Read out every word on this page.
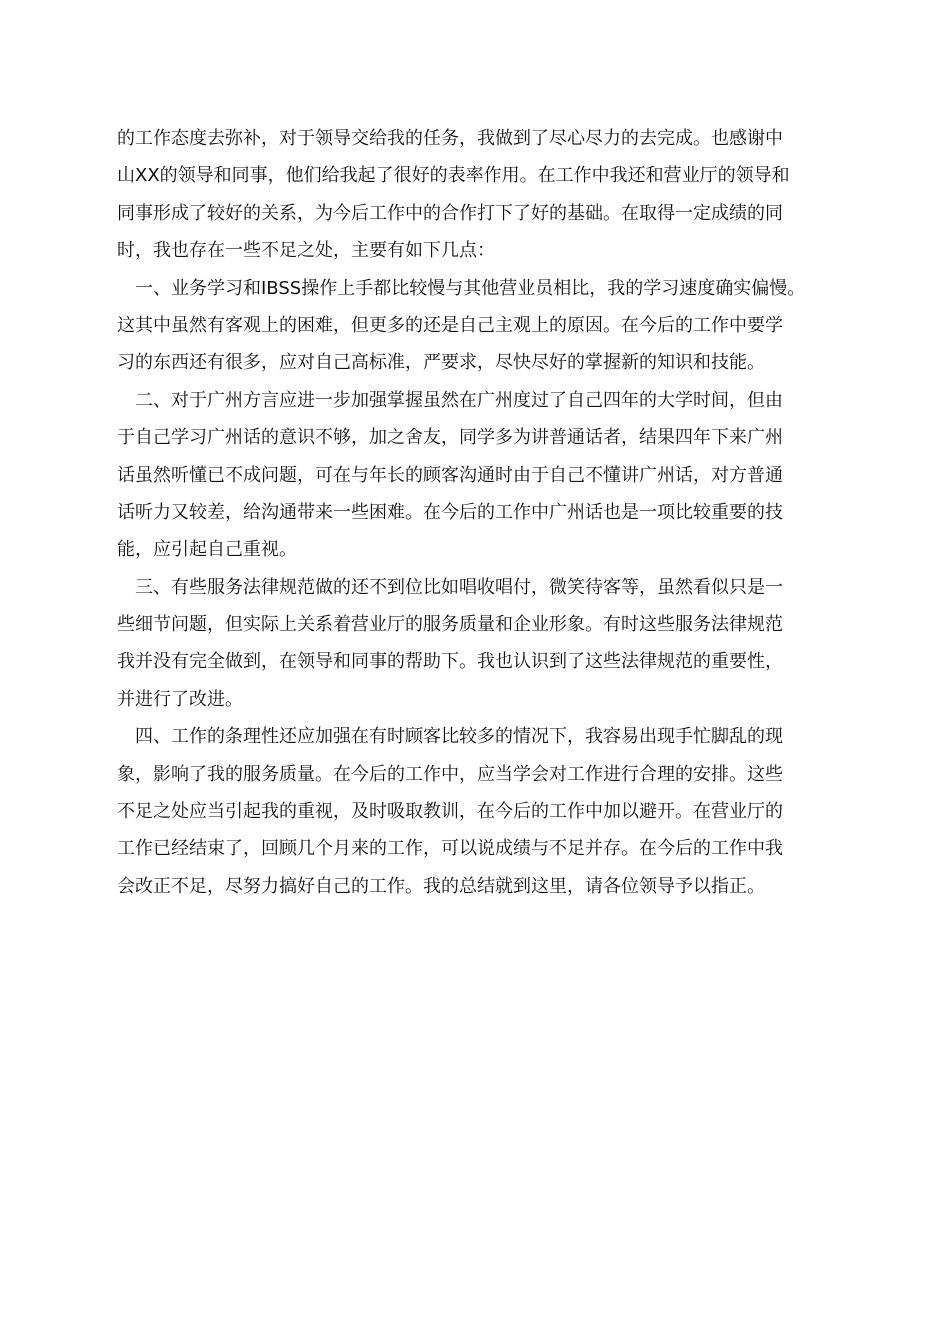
的工作态度去弥补，对于领导交给我的任务，我做到了尽心尽力的去完成。也感谢中
山XX的领导和同事，他们给我起了很好的表率作用。在工作中我还和营业厅的领导和
同事形成了较好的关系，为今后工作中的合作打下了好的基础。在取得一定成绩的同
时，我也存在一些不足之处，主要有如下几点：
一、业务学习和IBSS操作上手都比较慢与其他营业员相比，我的学习速度确实偏慢。
这其中虽然有客观上的困难，但更多的还是自己主观上的原因。在今后的工作中要学
习的东西还有很多，应对自己高标准，严要求，尽快尽好的掌握新的知识和技能。
二、对于广州方言应进一步加强掌握虽然在广州度过了自己四年的大学时间，但由
于自己学习广州话的意识不够，加之舍友，同学多为讲普通话者，结果四年下来广州
话虽然听懂已不成问题，可在与年长的顾客沟通时由于自己不懂讲广州话，对方普通
话听力又较差，给沟通带来一些困难。在今后的工作中广州话也是一项比较重要的技
能，应引起自己重视。
三、有些服务法律规范做的还不到位比如唱收唱付，微笑待客等，虽然看似只是一
些细节问题，但实际上关系着营业厅的服务质量和企业形象。有时这些服务法律规范
我并没有完全做到，在领导和同事的帮助下。我也认识到了这些法律规范的重要性，
并进行了改进。
四、工作的条理性还应加强在有时顾客比较多的情况下，我容易出现手忙脚乱的现
象，影响了我的服务质量。在今后的工作中，应当学会对工作进行合理的安排。这些
不足之处应当引起我的重视，及时吸取教训，在今后的工作中加以避开。在营业厅的
工作已经结束了，回顾几个月来的工作，可以说成绩与不足并存。在今后的工作中我
会改正不足，尽努力搞好自己的工作。我的总结就到这里，请各位领导予以指正。
